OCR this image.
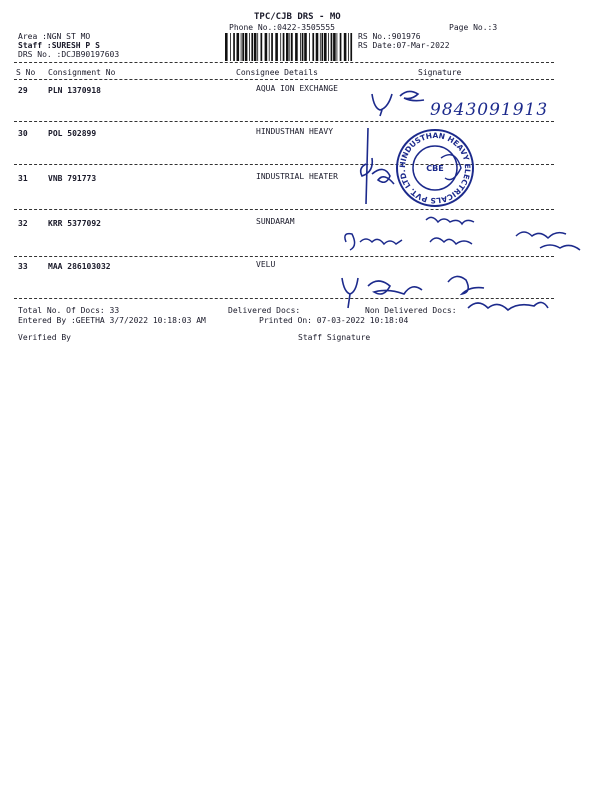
TPC/CJB DRS - MO
Phone No.:0422-3505555	Page No.:3
Area :NGN ST MO
Staff :SURESH P S
DRS No. :DCJB90197603
RS No.:901976
RS Date:07-Mar-2022
S No Consignment No	Consignee Details	Signature
29	PLN 1370918	AQUA ION EXCHANGE
30	POL 502899	HINDUSTHAN HEAVY
31	VNB 791773	INDUSTRIAL HEATER
32	KRR 5377092	SUNDARAM
33	MAA 286103032	VELU
Total No. Of Docs: 33	Delivered Docs:	Non Delivered Docs:
Entered By :GEETHA 3/7/2022 10:18:03 AM	Printed On: 07-03-2022 10:18:04
Verified By	Staff Signature
9843091913
HINDUSTHAN HEAVY ELECTRICALS PVT. LTD.	CBE
